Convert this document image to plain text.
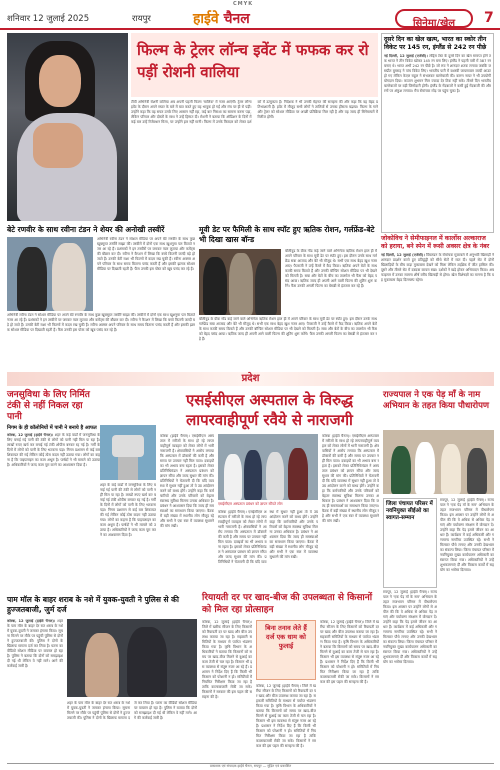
CMYK
शनिवार 12 जुलाई 2025	रायपुर	हाईवे चैनल	सिनेमा/खेल	7
फिल्म के ट्रेलर लॉन्च इवेंट में फफक कर रो पड़ीं रोशनी वालिया
टीवी अभिनेत्री रोशनी वालिया अब अपनी पहली फिल्म 'मालिक' में नजर आएंगी। ट्रेलर लॉन्च इवेंट के दौरान अपने सफर के बारे में बात करते हुए वह भावुक हो गईं और मंच पर ही रो पड़ीं। उन्होंने कहा कि यह सफर उनके लिए आसान नहीं रहा, कई बार निराशा का सामना करना पड़ा, लेकिन परिवार और दोस्तों के साथ ने उन्हें हिम्मत दी। रोशनी ने बताया कि ऑडिशन के दिनों में कई बार उन्हें रिजेक्शन मिला, पर उन्होंने हार नहीं मानी। फिल्म में उनके किरदार को लेकर दर्शकों में उत्सुकता है। निर्देशक ने भी उनकी मेहनत की सराहना की और कहा कि वह बेहद प्रतिभाशाली हैं। इवेंट में मौजूद सभी लोगों ने तालियों से उनका हौसला बढ़ाया। फिल्म के गाने और ट्रेलर को सोशल मीडिया पर अच्छी प्रतिक्रिया मिल रही है और यह जल्द ही सिनेमाघरों में रिलीज होगी।
दूसरे दिन का खेल खत्म, भारत का स्कोर तीन विकेट पर 145 रन, इंग्लैंड से 242 रन पीछे
नई दिल्ली, 12 जुलाई (एजेंसी)। लॉर्ड्स टेस्ट के दूसरे दिन का खेल समाप्त होने तक भारत ने तीन विकेट खोकर 145 रन बना लिए। इंग्लैंड ने पहली पारी में 387 रन बनाए थे। भारत अभी 242 रन पीछे है। जो रूट ने शानदार शतक लगाया जबकि जसप्रीत बुमराह ने पांच विकेट लिए। भारतीय पारी में यशस्वी जायसवाल जल्दी आउट हो गए लेकिन केएल राहुल ने संभलकर बल्लेबाजी की। करुण नायर ने भी उपयोगी योगदान दिया। कप्तान शुभमन गिल ज्यादा देर टिक नहीं सके। तीसरे दिन भारतीय बल्लेबाजों पर बड़ी जिम्मेदारी होगी। इंग्लैंड के गेंदबाजों ने कसी हुई गेंदबाजी की और रनों पर अंकुश लगाया। मैच रोमांचक मोड़ पर पहुंच चुका है।
जोकोविच ने सेमीफाइनल में कार्लोस अल्काराज को हराया, बने स्पेन में रूसी अक्सर क्षेत्र के नंबर
नई दिल्ली, 12 जुलाई (एजेंसी)। विंबलडन के रोमांचक मुकाबले में अनुभवी खिलाड़ी ने शानदार प्रदर्शन करते हुए प्रतिद्वंद्वी को सीधे सेटों में मात दी। पहले सेट में दोनों खिलाड़ियों के बीच कड़ा मुकाबला देखने को मिला लेकिन टाईब्रेक में जीत हासिल की। दूसरे और तीसरे सेट में दबदबा कायम रखा। दर्शकों ने खड़े होकर अभिवादन किया। अब फाइनल में उनका सामना शीर्ष वरीय खिलाड़ी से होगा। खेल विशेषज्ञों का मानना है कि यह मुकाबला बेहद दिलचस्प रहेगा।
बेटे रणवीर के साथ रवीना टंडन ने शेयर की अनोखी तस्वीरें
अभिनेत्री रवीना टंडन ने सोशल मीडिया पर अपने बेटे रणवीर के साथ कुछ खूबसूरत तस्वीरें साझा कीं। तस्वीरों में दोनों एक साथ खुशनुमा पल बिताते नजर आ रहे हैं। प्रशंसकों ने इन तस्वीरों पर जमकर प्यार लुटाया और कमेंट्स की बौछार कर दी। रवीना ने कैप्शन में लिखा कि बच्चे कितनी जल्दी बड़े हो जाते हैं। उनकी बेटी राशा भी फिल्मों में कदम रख चुकी हैं। रवीना अक्सर अपने परिवार के साथ समय बिताना पसंद करती हैं और इसकी झलक सोशल मीडिया पर दिखाती रहती हैं। फैंस उनकी इस पोस्ट को खूब पसंद कर रहे हैं।
अभिनेत्री रवीना टंडन ने सोशल मीडिया पर अपने बेटे रणवीर के साथ कुछ खूबसूरत तस्वीरें साझा कीं। तस्वीरों में दोनों एक साथ खुशनुमा पल बिताते नजर आ रहे हैं। प्रशंसकों ने इन तस्वीरों पर जमकर प्यार लुटाया और कमेंट्स की बौछार कर दी। रवीना ने कैप्शन में लिखा कि बच्चे कितनी जल्दी बड़े हो जाते हैं। उनकी बेटी राशा भी फिल्मों में कदम रख चुकी हैं। रवीना अक्सर अपने परिवार के साथ समय बिताना पसंद करती हैं और इसकी झलक सोशल मीडिया पर दिखाती रहती हैं। फैंस उनकी इस पोस्ट को खूब पसंद कर रहे हैं।
मूवी डेट पर फैमिली के साथ स्पॉट हुए ऋतिक रोशन, गर्लफ्रेंड-बेटे भी दिखा खास बॉन्ड
बॉलीवुड के ग्रीक गॉड कहे जाने वाले अभिनेता ऋतिक रोशन हाल ही में अपने परिवार के साथ मूवी डेट पर स्पॉट हुए। इस दौरान उनके साथ गर्लफ्रेंड सबा आजाद और बेटे भी मौजूद थे। सभी एक साथ बेहद खुश नजर आए। पैपराजी ने उन्हें कैमरे में कैद किया। ऋतिक अपने बेटों के साथ काफी समय बिताते हैं और उनकी बॉन्डिंग सोशल मीडिया पर भी देखने को मिलती है। सबा और बेटों के बीच का तालमेल भी फैंस को बेहद पसंद आया। ऋतिक जल्द ही अपनी आने वाली फिल्म की शूटिंग शुरू करेंगे। फैंस उनकी अगली फिल्म का बेसब्री से इंतजार कर रहे हैं।
बॉलीवुड के ग्रीक गॉड कहे जाने वाले अभिनेता ऋतिक रोशन हाल ही में अपने परिवार के साथ मूवी डेट पर स्पॉट हुए। इस दौरान उनके साथ गर्लफ्रेंड सबा आजाद और बेटे भी मौजूद थे। सभी एक साथ बेहद खुश नजर आए। पैपराजी ने उन्हें कैमरे में कैद किया। ऋतिक अपने बेटों के साथ काफी समय बिताते हैं और उनकी बॉन्डिंग सोशल मीडिया पर भी देखने को मिलती है। सबा और बेटों के बीच का तालमेल भी फैंस को बेहद पसंद आया। ऋतिक जल्द ही अपनी आने वाली फिल्म की शूटिंग शुरू करेंगे। फैंस उनकी अगली फिल्म का बेसब्री से इंतजार कर रहे हैं।
प्रदेश
जनसुविधा के लिए निर्मित टंकी से नहीं निकल रहा पानी
निगम के ही कॉलोनियों में पानी ने बनाये है आफत
कोरबा, 12 जुलाई (हाईवे चैनल)। शहर के कई वार्डों में जनसुविधा के लिए बनाई गई पानी की टंकी से लोगों को पानी नहीं मिल पा रहा है। लाखों रुपए खर्च कर बनाई गई टंकी शोपीस बनकर रह गई है। गर्मी के दिनों में लोगों को पानी के लिए भटकना पड़ा। निगम प्रशासन से कई बार शिकायत की गई लेकिन कोई ठोस कदम नहीं उठाया गया। लोगों का कहना है कि पाइपलाइन का काम अधूरा है। पार्षदों ने भी मामले को उठाया है। अधिकारियों ने जल्द काम पूरा करने का आश्वासन दिया है।
शहर के कई वार्डों में जनसुविधा के लिए बनाई गई पानी की टंकी से लोगों को पानी नहीं मिल पा रहा है। लाखों रुपए खर्च कर बनाई गई टंकी शोपीस बनकर रह गई है। गर्मी के दिनों में लोगों को पानी के लिए भटकना पड़ा। निगम प्रशासन से कई बार शिकायत की गई लेकिन कोई ठोस कदम नहीं उठाया गया। लोगों का कहना है कि पाइपलाइन का काम अधूरा है। पार्षदों ने भी मामले को उठाया है। अधिकारियों ने जल्द काम पूरा करने का आश्वासन दिया है।
पाम मॉल के बाहर शराब के नशे में युवक-युवती ने पुलिस से की हुज्जतबाजी, जुर्म दर्ज
कोरबा, 12 जुलाई (हाईवे चैनल)। शहर के पाम मॉल के बाहर देर रात शराब के नशे में युवक-युवती ने जमकर हंगामा किया। सूचना मिलने पर मौके पर पहुंची पुलिस से दोनों ने हुज्जतबाजी की। पुलिस ने दोनों के खिलाफ मामला दर्ज कर लिया है। घटना का वीडियो सोशल मीडिया पर वायरल हो रहा है। पुलिस ने बताया कि दोनों को समझाइश दी गई थी लेकिन वे नहीं माने। आगे की कार्रवाई जारी है।
शहर के पाम मॉल के बाहर देर रात शराब के नशे में युवक-युवती ने जमकर हंगामा किया। सूचना मिलने पर मौके पर पहुंची पुलिस से दोनों ने हुज्जतबाजी की। पुलिस ने दोनों के खिलाफ मामला दर्ज कर लिया है। घटना का वीडियो सोशल मीडिया पर वायरल हो रहा है। पुलिस ने बताया कि दोनों को समझाइश दी गई थी लेकिन वे नहीं माने। आगे की कार्रवाई जारी है।
एसईसीएल अस्पताल के विरुद्ध लापरवाहीपूर्ण रवैये से नाराजगी
कोरबा (हाईवे चैनल)। एसईसीएल अस्पताल में मरीजों के साथ हो रहे लापरवाहीपूर्ण व्यवहार को लेकर लोगों में भारी नाराजगी है। क्षेत्रवासियों ने आरोप लगाया कि अस्पताल में डॉक्टरों की कमी है और समय पर उपचार नहीं मिल पाता। दवाइयों का भी अभाव बना रहता है। इसको लेकर प्रतिनिधिमंडल ने अस्पताल प्रबंधन को ज्ञापन सौंपा और जल्द सुधार की मांग की। प्रतिनिधियों ने चेतावनी दी कि यदि व्यवस्था में सुधार नहीं हुआ तो वे उग्र आंदोलन करने को बाध्य होंगे। उन्होंने कहा कि कर्मचारियों और उनके परिवारों को बेहतर स्वास्थ्य सुविधा मिलना उनका अधिकार है। प्रबंधन ने आश्वासन दिया कि जल्द ही समस्याओं का समाधान किया जाएगा। बैठक में बड़ी संख्या में स्थानीय लोग मौजूद रहे और सभी ने एक स्वर में व्यवस्था सुधारने की मांग रखी।
एसईसीएल अस्पताल प्रबंधन को ज्ञापन सौंपते लोग
कोरबा (हाईवे चैनल)। एसईसीएल अस्पताल में मरीजों के साथ हो रहे लापरवाहीपूर्ण व्यवहार को लेकर लोगों में भारी नाराजगी है। क्षेत्रवासियों ने आरोप लगाया कि अस्पताल में डॉक्टरों की कमी है और समय पर उपचार नहीं मिल पाता। दवाइयों का भी अभाव बना रहता है। इसको लेकर प्रतिनिधिमंडल ने अस्पताल प्रबंधन को ज्ञापन सौंपा और जल्द सुधार की मांग की। प्रतिनिधियों ने चेतावनी दी कि यदि व्यवस्था में सुधार नहीं हुआ तो वे उग्र आंदोलन करने को बाध्य होंगे। उन्होंने कहा कि कर्मचारियों और उनके परिवारों को बेहतर स्वास्थ्य सुविधा मिलना उनका अधिकार है। प्रबंधन ने आश्वासन दिया कि जल्द ही समस्याओं का समाधान किया जाएगा। बैठक में बड़ी संख्या में स्थानीय लोग मौजूद रहे और सभी ने एक स्वर में व्यवस्था सुधारने की मांग रखी।
कोरबा (हाईवे चैनल)। एसईसीएल अस्पताल में मरीजों के साथ हो रहे लापरवाहीपूर्ण व्यवहार को लेकर लोगों में भारी नाराजगी है। क्षेत्रवासियों ने आरोप लगाया कि अस्पताल में डॉक्टरों की कमी है और समय पर उपचार नहीं मिल पाता। दवाइयों का भी अभाव बना रहता है। इसको लेकर प्रतिनिधिमंडल ने अस्पताल प्रबंधन को ज्ञापन सौंपा और जल्द सुधार की मांग की। प्रतिनिधियों ने चेतावनी दी कि यदि व्यवस्था में सुधार नहीं हुआ तो वे उग्र आंदोलन करने को बाध्य होंगे। उन्होंने कहा कि कर्मचारियों और उनके परिवारों को बेहतर स्वास्थ्य सुविधा मिलना उनका अधिकार है। प्रबंधन ने आश्वासन दिया कि जल्द ही समस्याओं का समाधान किया जाएगा। बैठक में बड़ी संख्या में स्थानीय लोग मौजूद रहे और सभी ने एक स्वर में व्यवस्था सुधारने की मांग रखी।
रियायती दर पर खाद-बीज की उपलब्धता से किसानों को मिल रहा प्रोत्साहन
कोरबा, 12 जुलाई (हाईवे चैनल)। जिले में खरीफ सीजन के लिए किसानों को रियायती दर पर खाद और बीज उपलब्ध कराया जा रहा है। सहकारी समितियों के माध्यम से पर्याप्त भंडारण किया गया है। कृषि विभाग के अधिकारियों ने बताया कि किसानों को समय पर खाद-बीज मिलने से बुआई का काम तेजी से चल रहा है। किसान भी इस व्यवस्था से संतुष्ट नजर आ रहे हैं। प्रशासन ने निर्देश दिए हैं कि किसी भी किसान को परेशानी न हो। समितियों में नियमित निरीक्षण किया जा रहा है ताकि कालाबाजारी रोकी जा सके। किसानों ने सरकार की इस पहल की सराहना की है।
बिना तनाव लेते हैं दर्ज एक धाम को फुलाई
कोरबा, 12 जुलाई (हाईवे चैनल)। जिले में खरीफ सीजन के लिए किसानों को रियायती दर पर खाद और बीज उपलब्ध कराया जा रहा है। सहकारी समितियों के माध्यम से पर्याप्त भंडारण किया गया है। कृषि विभाग के अधिकारियों ने बताया कि किसानों को समय पर खाद-बीज मिलने से बुआई का काम तेजी से चल रहा है। किसान भी इस व्यवस्था से संतुष्ट नजर आ रहे हैं। प्रशासन ने निर्देश दिए हैं कि किसी भी किसान को परेशानी न हो। समितियों में नियमित निरीक्षण किया जा रहा है ताकि कालाबाजारी रोकी जा सके। किसानों ने सरकार की इस पहल की सराहना की है।
कोरबा, 12 जुलाई (हाईवे चैनल)। जिले में खरीफ सीजन के लिए किसानों को रियायती दर पर खाद और बीज उपलब्ध कराया जा रहा है। सहकारी समितियों के माध्यम से पर्याप्त भंडारण किया गया है। कृषि विभाग के अधिकारियों ने बताया कि किसानों को समय पर खाद-बीज मिलने से बुआई का काम तेजी से चल रहा है। किसान भी इस व्यवस्था से संतुष्ट नजर आ रहे हैं। प्रशासन ने निर्देश दिए हैं कि किसी भी किसान को परेशानी न हो। समितियों में नियमित निरीक्षण किया जा रहा है ताकि कालाबाजारी रोकी जा सके। किसानों ने सरकार की इस पहल की सराहना की है।
राज्यपाल ने एक पेड़ माँ के नाम अभियान के तहत किया पौधारोपण
जिला पंचायत परिसर में नवनियुक्त सीईओ का स्वागत-सम्मान
रायपुर, 12 जुलाई (हाईवे चैनल)। राज्यपाल ने 'एक पेड़ माँ के नाम' अभियान के तहत राजभवन परिसर में पौधारोपण किया। इस अवसर पर उन्होंने लोगों से अपील की कि वे अधिक से अधिक पेड़ लगाएं और पर्यावरण संरक्षण में योगदान दें। उन्होंने कहा कि पेड़ हमारे जीवन का आधार हैं। कार्यक्रम में कई अधिकारी और गणमान्य नागरिक उपस्थित रहे। सभी ने मिलकर पौधे लगाए और उनकी देखभाल का संकल्प लिया। जिला पंचायत परिसर में नवनियुक्त मुख्य कार्यपालन अधिकारी का स्वागत किया गया। अधिकारियों ने उन्हें शुभकामनाएं दीं और विकास कार्यों में सहयोग का भरोसा दिलाया।
रायपुर, 12 जुलाई (हाईवे चैनल)। राज्यपाल ने 'एक पेड़ माँ के नाम' अभियान के तहत राजभवन परिसर में पौधारोपण किया। इस अवसर पर उन्होंने लोगों से अपील की कि वे अधिक से अधिक पेड़ लगाएं और पर्यावरण संरक्षण में योगदान दें। उन्होंने कहा कि पेड़ हमारे जीवन का आधार हैं। कार्यक्रम में कई अधिकारी और गणमान्य नागरिक उपस्थित रहे। सभी ने मिलकर पौधे लगाए और उनकी देखभाल का संकल्प लिया। जिला पंचायत परिसर में नवनियुक्त मुख्य कार्यपालन अधिकारी का स्वागत किया गया। अधिकारियों ने उन्हें शुभकामनाएं दीं और विकास कार्यों में सहयोग का भरोसा दिलाया।
प्रकाशक एवं संपादक हाईवे चैनल, रायपुर — मुद्रित एवं प्रकाशित
